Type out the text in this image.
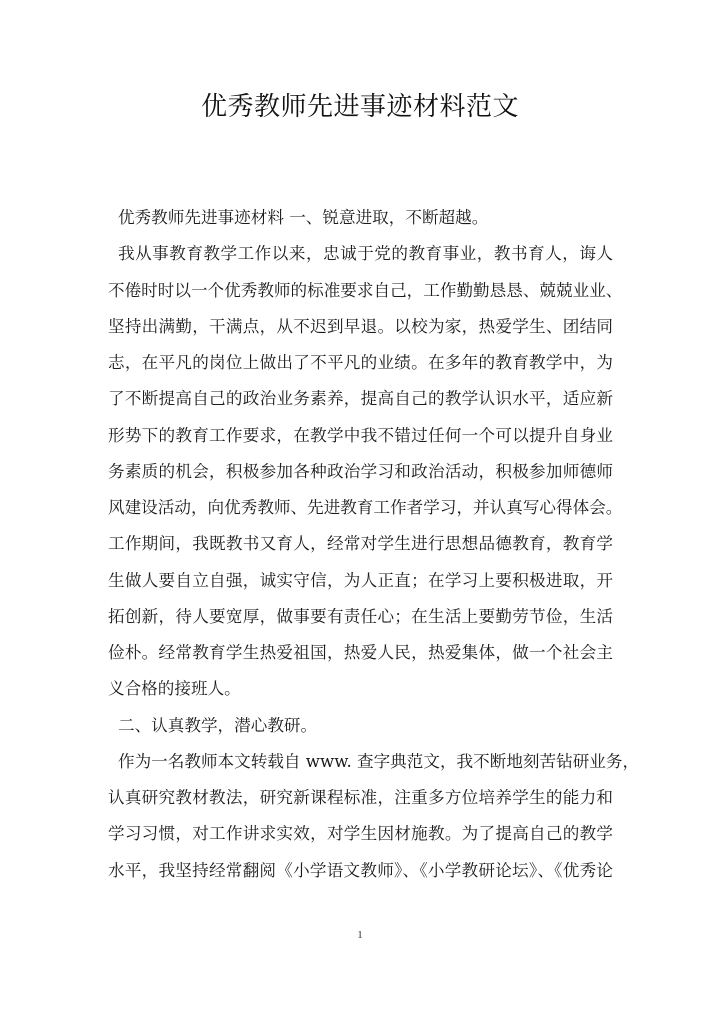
优秀教师先进事迹材料范文
优秀教师先进事迹材料 一、锐意进取，不断超越。
我从事教育教学工作以来，忠诚于党的教育事业，教书育人，诲人
不倦时时以一个优秀教师的标准要求自己，工作勤勤恳恳、兢兢业业、
坚持出满勤，干满点，从不迟到早退。以校为家，热爱学生、团结同
志，在平凡的岗位上做出了不平凡的业绩。在多年的教育教学中，为
了不断提高自己的政治业务素养，提高自己的教学认识水平，适应新
形势下的教育工作要求，在教学中我不错过任何一个可以提升自身业
务素质的机会，积极参加各种政治学习和政治活动，积极参加师德师
风建设活动，向优秀教师、先进教育工作者学习，并认真写心得体会。
工作期间，我既教书又育人，经常对学生进行思想品德教育，教育学
生做人要自立自强，诚实守信，为人正直；在学习上要积极进取，开
拓创新，待人要宽厚，做事要有责任心；在生活上要勤劳节俭，生活
俭朴。经常教育学生热爱祖国，热爱人民，热爱集体，做一个社会主
义合格的接班人。
二、认真教学，潜心教研。
作为一名教师本文转载自 www. 查字典范文，我不断地刻苦钻研业务，
认真研究教材教法，研究新课程标准，注重多方位培养学生的能力和
学习习惯，对工作讲求实效，对学生因材施教。为了提高自己的教学
水平，我坚持经常翻阅《小学语文教师》、《小学教研论坛》、《优秀论
1
